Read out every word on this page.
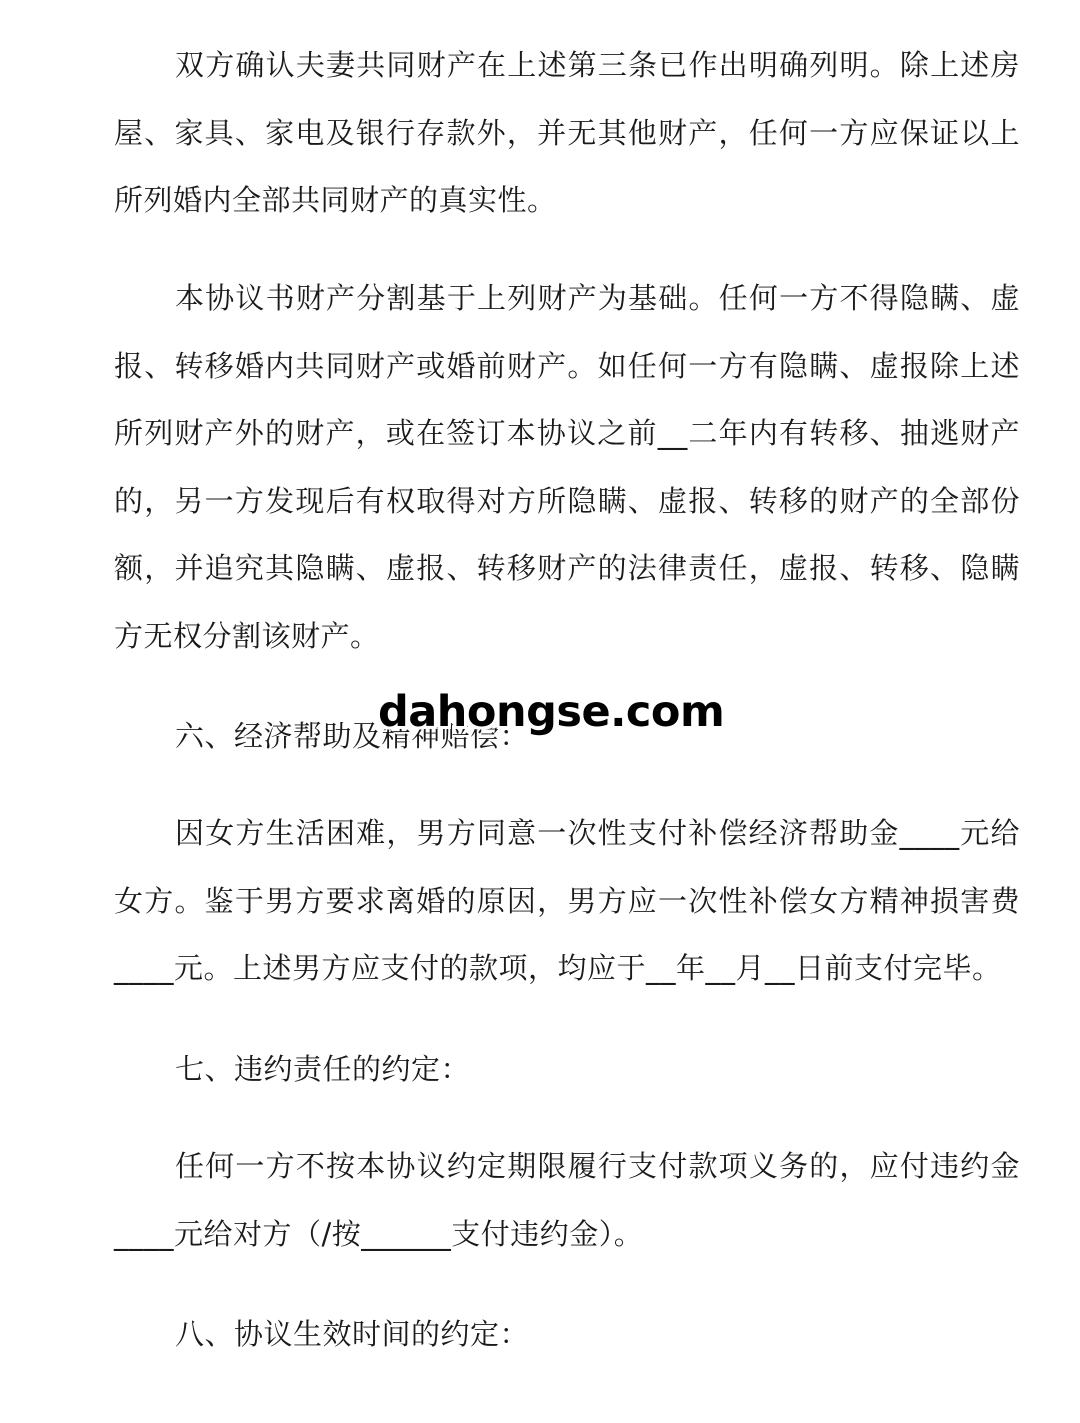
双方确认夫妻共同财产在上述第三条已作出明确列明。除上述房屋、家具、家电及银行存款外，并无其他财产，任何一方应保证以上所列婚内全部共同财产的真实性。

本协议书财产分割基于上列财产为基础。任何一方不得隐瞒、虚报、转移婚内共同财产或婚前财产。如任何一方有隐瞒、虚报除上述所列财产外的财产，或在签订本协议之前__二年内有转移、抽逃财产的，另一方发现后有权取得对方所隐瞒、虚报、转移的财产的全部份额，并追究其隐瞒、虚报、转移财产的法律责任，虚报、转移、隐瞒方无权分割该财产。

六、经济帮助及精神赔偿：

因女方生活困难，男方同意一次性支付补偿经济帮助金____元给女方。鉴于男方要求离婚的原因，男方应一次性补偿女方精神损害费____元。上述男方应支付的款项，均应于__年__月__日前支付完毕。

七、违约责任的约定：

任何一方不按本协议约定期限履行支付款项义务的，应付违约金____元给对方（/按______支付违约金）。

八、协议生效时间的约定：

dahongse.com
